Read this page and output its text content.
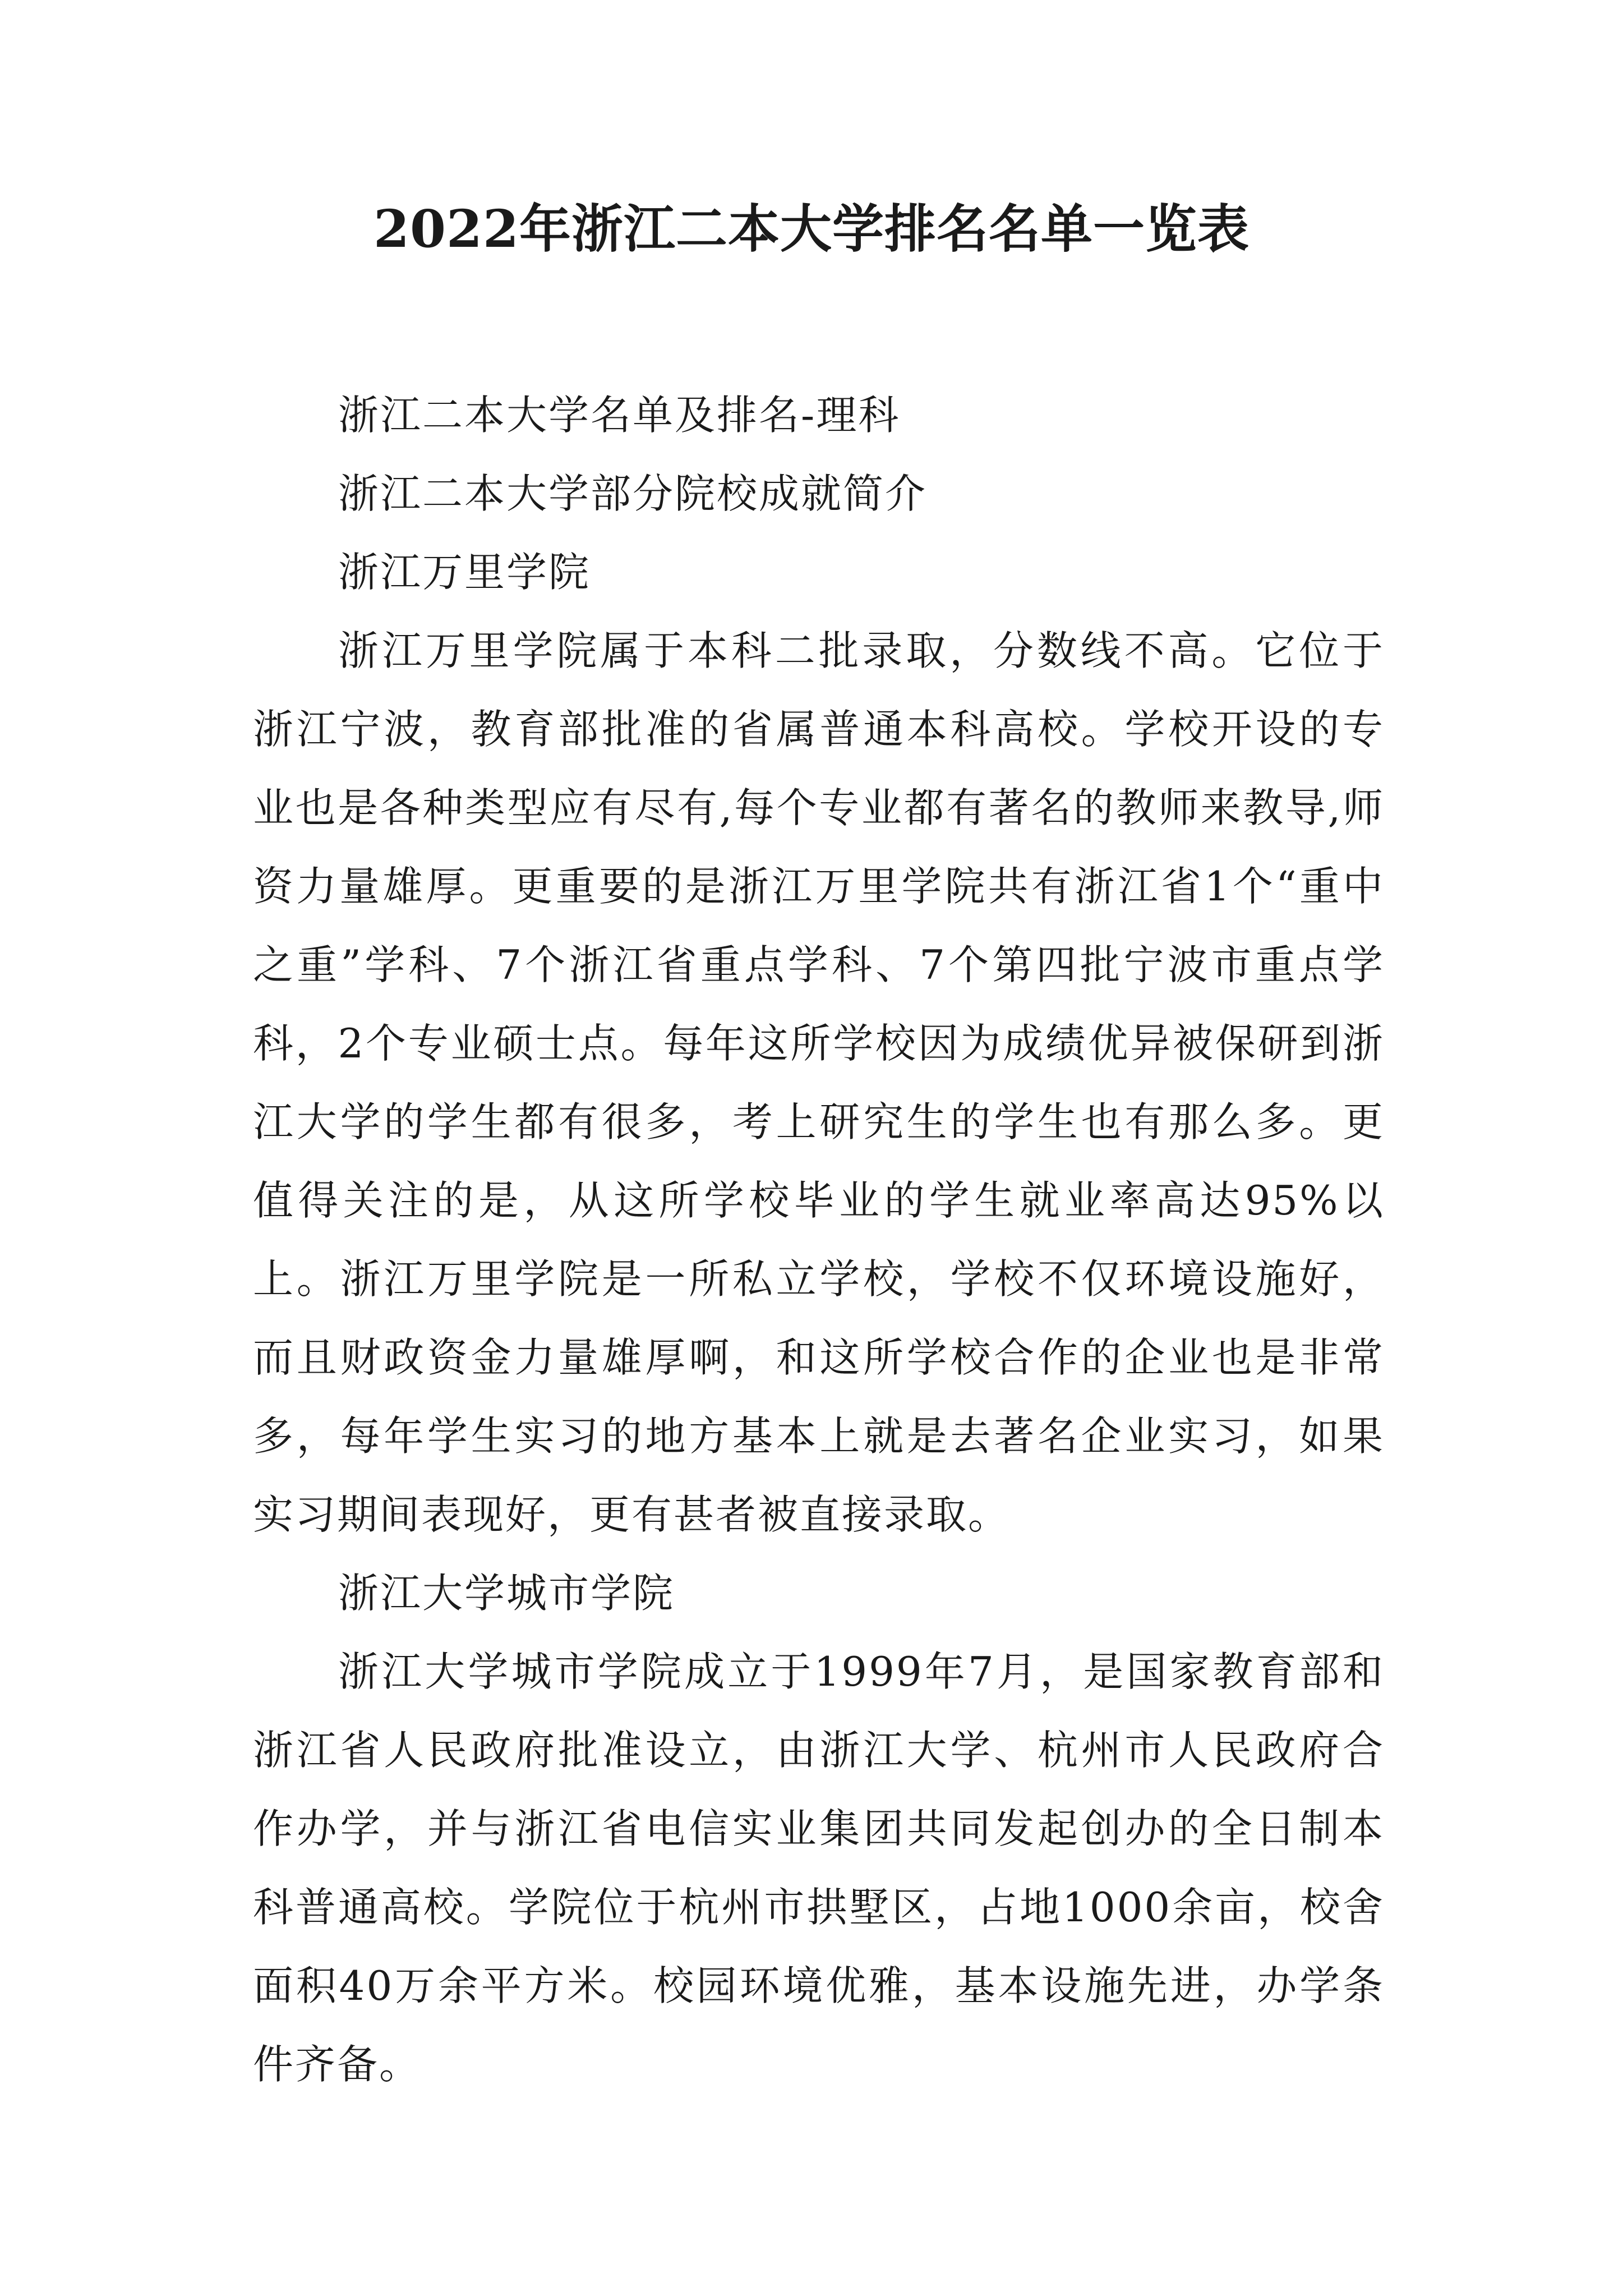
2022年浙江二本大学排名名单一览表

浙江二本大学名单及排名-理科

浙江二本大学部分院校成就简介

浙江万里学院

浙江万里学院属于本科二批录取，分数线不高。它位于浙江宁波，教育部批准的省属普通本科高校。学校开设的专业也是各种类型应有尽有,每个专业都有著名的教师来教导,师资力量雄厚。更重要的是浙江万里学院共有浙江省1个“重中之重”学科、7个浙江省重点学科、7个第四批宁波市重点学科，2个专业硕士点。每年这所学校因为成绩优异被保研到浙江大学的学生都有很多，考上研究生的学生也有那么多。更值得关注的是，从这所学校毕业的学生就业率高达95%以上。浙江万里学院是一所私立学校，学校不仅环境设施好，而且财政资金力量雄厚啊，和这所学校合作的企业也是非常多，每年学生实习的地方基本上就是去著名企业实习，如果实习期间表现好，更有甚者被直接录取。

浙江大学城市学院

浙江大学城市学院成立于1999年7月，是国家教育部和浙江省人民政府批准设立，由浙江大学、杭州市人民政府合作办学，并与浙江省电信实业集团共同发起创办的全日制本科普通高校。学院位于杭州市拱墅区，占地1000余亩，校舍面积40万余平方米。校园环境优雅，基本设施先进，办学条件齐备。
